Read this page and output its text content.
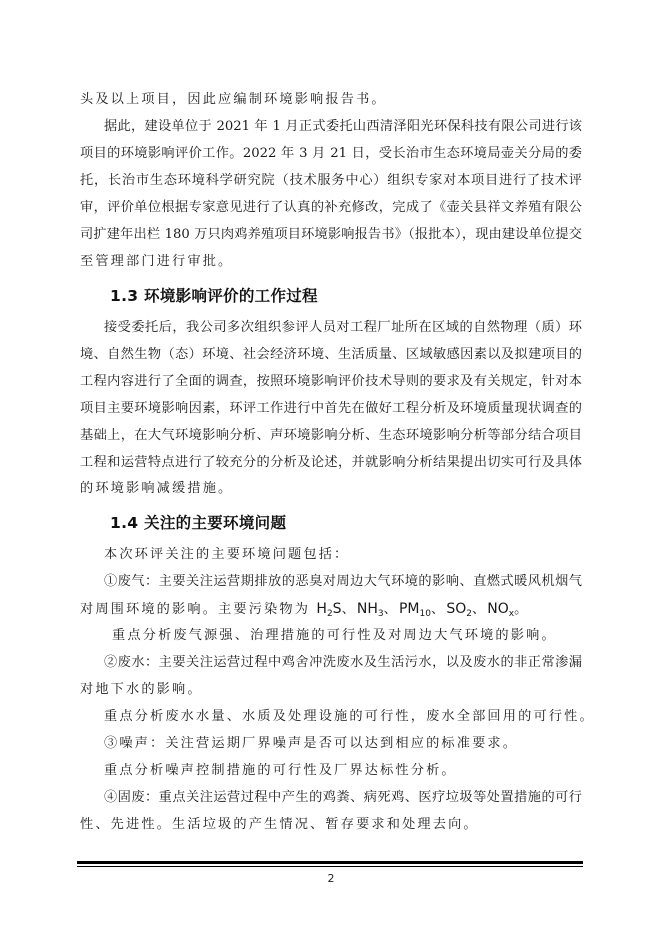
头及以上项目，因此应编制环境影响报告书。
据此，建设单位于 2021 年 1 月正式委托山西清泽阳光环保科技有限公司进行该
项目的环境影响评价工作。2022 年 3 月 21 日，受长治市生态环境局壶关分局的委
托，长治市生态环境科学研究院（技术服务中心）组织专家对本项目进行了技术评
审，评价单位根据专家意见进行了认真的补充修改，完成了《壶关县祥文养殖有限公
司扩建年出栏 180 万只肉鸡养殖项目环境影响报告书》（报批本），现由建设单位提交
至管理部门进行审批。
1.3 环境影响评价的工作过程
接受委托后，我公司多次组织参评人员对工程厂址所在区域的自然物理（质）环
境、自然生物（态）环境、社会经济环境、生活质量、区域敏感因素以及拟建项目的
工程内容进行了全面的调查，按照环境影响评价技术导则的要求及有关规定，针对本
项目主要环境影响因素，环评工作进行中首先在做好工程分析及环境质量现状调查的
基础上，在大气环境影响分析、声环境影响分析、生态环境影响分析等部分结合项目
工程和运营特点进行了较充分的分析及论述，并就影响分析结果提出切实可行及具体
的环境影响减缓措施。
1.4 关注的主要环境问题
本次环评关注的主要环境问题包括：
①废气：主要关注运营期排放的恶臭对周边大气环境的影响、直燃式暖风机烟气
对周围环境的影响。主要污染物为 $H_2S$、$NH_3$、$PM_{10}$、$SO_2$、$NO_x$。
重点分析废气源强、治理措施的可行性及对周边大气环境的影响。
②废水：主要关注运营过程中鸡舍冲洗废水及生活污水，以及废水的非正常渗漏
对地下水的影响。
重点分析废水水量、水质及处理设施的可行性，废水全部回用的可行性。
③噪声：关注营运期厂界噪声是否可以达到相应的标准要求。
重点分析噪声控制措施的可行性及厂界达标性分析。
④固废：重点关注运营过程中产生的鸡粪、病死鸡、医疗垃圾等处置措施的可行
性、先进性。生活垃圾的产生情况、暂存要求和处理去向。
2
